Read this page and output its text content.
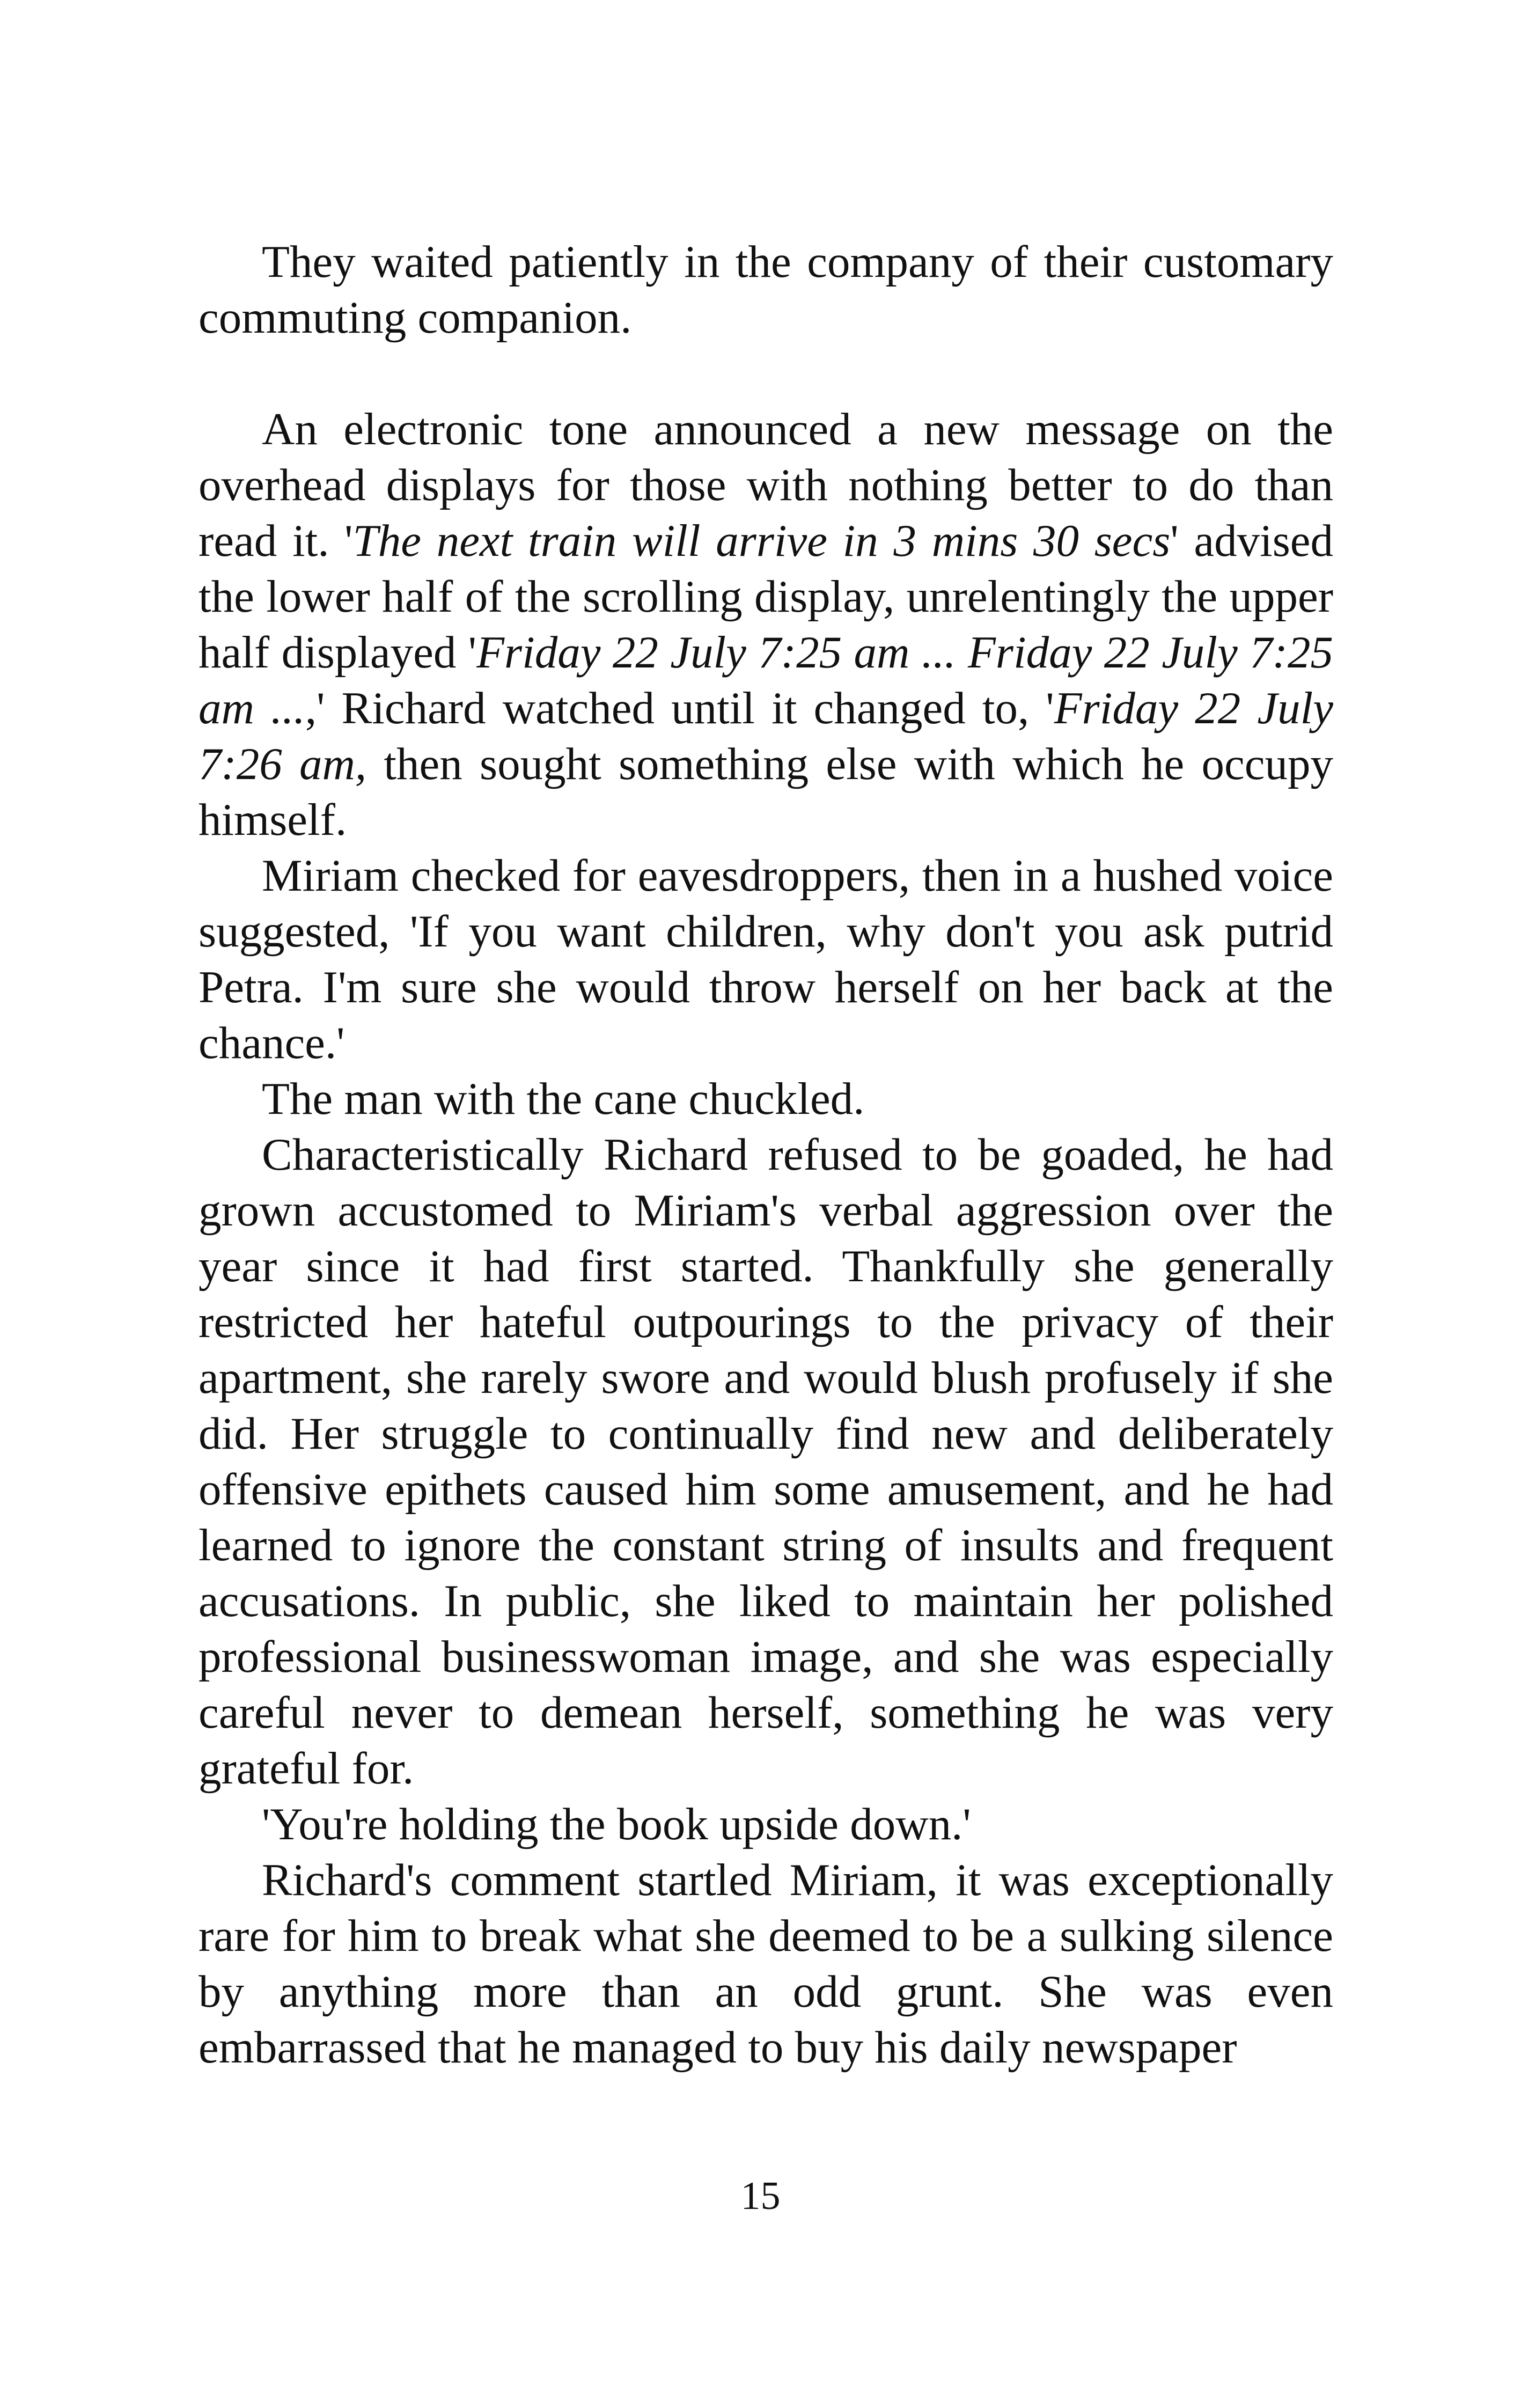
They waited patiently in the company of their customary commuting companion.

An electronic tone announced a new message on the overhead displays for those with nothing better to do than read it. 'The next train will arrive in 3 mins 30 secs' advised the lower half of the scrolling display, unrelentingly the upper half displayed 'Friday 22 July 7:25 am ... Friday 22 July 7:25 am ...,' Richard watched until it changed to, 'Friday 22 July 7:26 am, then sought something else with which he occupy himself.

Miriam checked for eavesdroppers, then in a hushed voice suggested, 'If you want children, why don't you ask putrid Petra. I'm sure she would throw herself on her back at the chance.'

The man with the cane chuckled.

Characteristically Richard refused to be goaded, he had grown accustomed to Miriam's verbal aggression over the year since it had first started. Thankfully she generally restricted her hateful outpourings to the privacy of their apartment, she rarely swore and would blush profusely if she did. Her struggle to continually find new and deliberately offensive epithets caused him some amusement, and he had learned to ignore the constant string of insults and frequent accusations. In public, she liked to maintain her polished professional businesswoman image, and she was especially careful never to demean herself, something he was very grateful for.

'You're holding the book upside down.'

Richard's comment startled Miriam, it was exceptionally rare for him to break what she deemed to be a sulking silence by anything more than an odd grunt. She was even embarrassed that he managed to buy his daily newspaper

15
